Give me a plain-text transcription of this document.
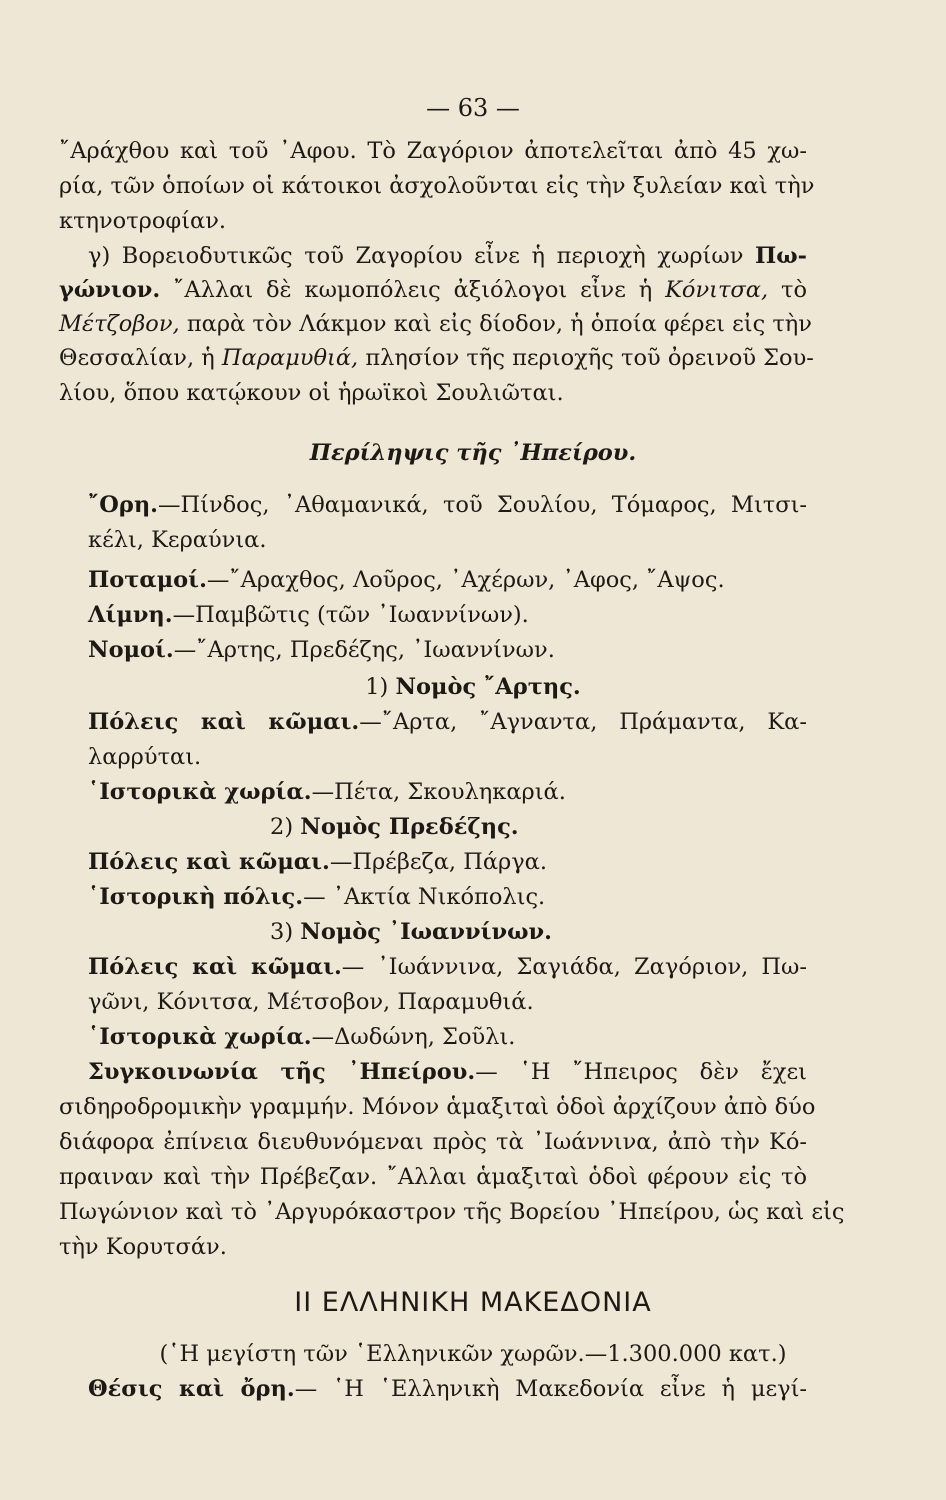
— 63 —
῎Αράχθου καὶ τοῦ ᾿Αφου. Τὸ Ζαγόριον ἀποτελεῖται ἀπὸ 45 χω-
ρία, τῶν ὁποίων οἱ κάτοικοι ἀσχολοῦνται εἰς τὴν ξυλείαν καὶ τὴν
κτηνοτροφίαν.
γ) Βορειοδυτικῶς τοῦ Ζαγορίου εἶνε ἡ περιοχὴ χωρίων Πω-
γώνιον. ῎Αλλαι δὲ κωμοπόλεις ἀξιόλογοι εἶνε ἡ Κόνιτσα, τὸ
Μέτζοβον, παρὰ τὸν Λάκμον καὶ εἰς δίοδον, ἡ ὁποία φέρει εἰς τὴν
Θεσσαλίαν, ἡ Παραμυθιά, πλησίον τῆς περιοχῆς τοῦ ὀρεινοῦ Σου-
λίου, ὅπου κατῴκουν οἱ ἡρωϊκοὶ Σουλιῶται.
Περίληψις τῆς ᾿Ηπείρου.
῎Ορη.—Πίνδος, ᾿Αθαμανικά, τοῦ Σουλίου, Τόμαρος, Μιτσι-
κέλι, Κεραύνια.
Ποταμοί.—῎Αραχθος, Λοῦρος, ᾿Αχέρων, ᾿Αφος, ῎Αψος.
Λίμνη.—Παμβῶτις (τῶν ᾿Ιωαννίνων).
Νομοί.—῎Αρτης, Πρεδέζης, ᾿Ιωαννίνων.
1) Νομὸς ῎Αρτης.
Πόλεις καὶ κῶμαι.—῎Αρτα, ῎Αγναντα, Πράμαντα, Κα-
λαρρύται.
῾Ιστορικὰ χωρία.—Πέτα, Σκουληκαριά.
2) Νομὸς Πρεδέζης.
Πόλεις καὶ κῶμαι.—Πρέβεζα, Πάργα.
῾Ιστορικὴ πόλις.— ᾿Ακτία Νικόπολις.
3) Νομὸς ᾿Ιωαννίνων.
Πόλεις καὶ κῶμαι.— ᾿Ιωάννινα, Σαγιάδα, Ζαγόριον, Πω-
γῶνι, Κόνιτσα, Μέτσοβον, Παραμυθιά.
῾Ιστορικὰ χωρία.—Δωδώνη, Σοῦλι.
Συγκοινωνία τῆς ᾿Ηπείρου.— ῾Η ῎Ηπειρος δὲν ἔχει
σιδηροδρομικὴν γραμμήν. Μόνον ἁμαξιταὶ ὁδοὶ ἀρχίζουν ἀπὸ δύο
διάφορα ἐπίνεια διευθυνόμεναι πρὸς τὰ ᾿Ιωάννινα, ἀπὸ τὴν Κό-
πραιναν καὶ τὴν Πρέβεζαν. ῎Αλλαι ἁμαξιταὶ ὁδοὶ φέρουν εἰς τὸ
Πωγώνιον καὶ τὸ ᾿Αργυρόκαστρον τῆς Βορείου ᾿Ηπείρου, ὡς καὶ εἰς
τὴν Κορυτσάν.
II ΕΛΛΗΝΙΚΗ ΜΑΚΕΔΟΝΙΑ
(῾Η μεγίστη τῶν ῾Ελληνικῶν χωρῶν.—1.300.000 κατ.)
Θέσις καὶ ὄρη.— ῾Η ῾Ελληνικὴ Μακεδονία εἶνε ἡ μεγί-
